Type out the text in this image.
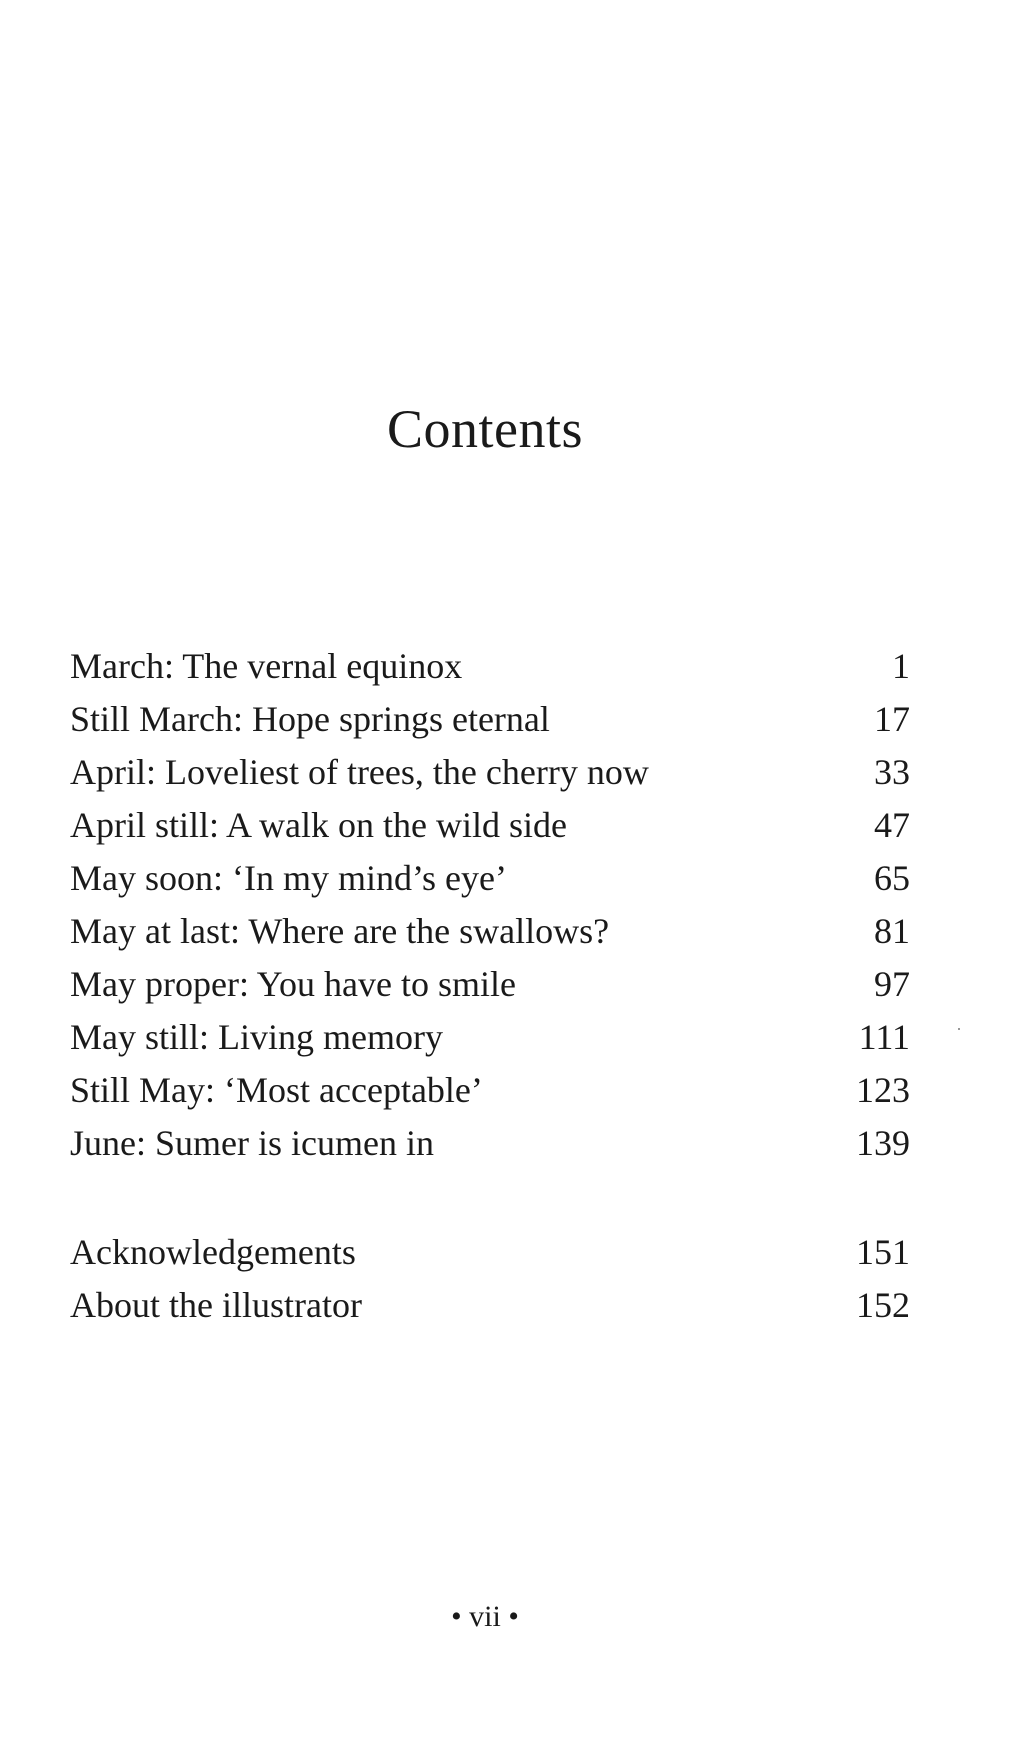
Contents
March: The vernal equinox	1
Still March: Hope springs eternal	17
April: Loveliest of trees, the cherry now	33
April still: A walk on the wild side	47
May soon: ‘In my mind’s eye’	65
May at last: Where are the swallows?	81
May proper: You have to smile	97
May still: Living memory	111
Still May: ‘Most acceptable’	123
June: Sumer is icumen in	139
Acknowledgements	151
About the illustrator	152
• vii •
